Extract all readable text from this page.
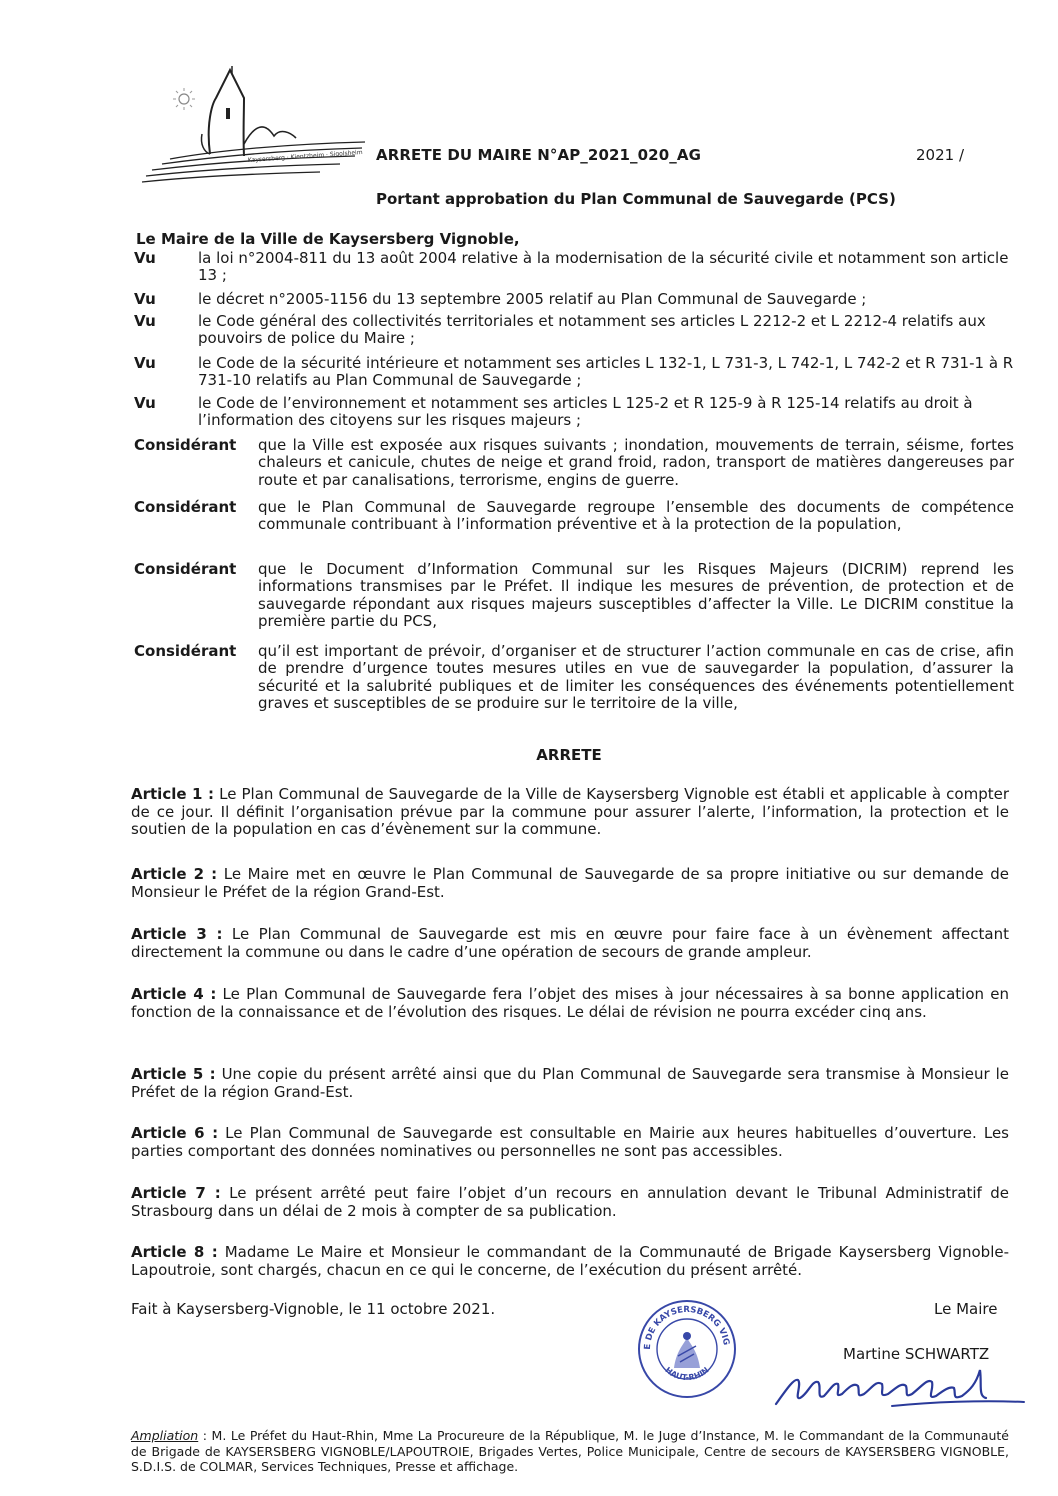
Kaysersberg · Kientzheim · Sigolsheim ARRETE DU MAIRE N°AP_2021_020_AG	2021 /
Portant approbation du Plan Communal de Sauvegarde (PCS)
Le Maire de la Ville de Kaysersberg Vignoble,
Vu	la loi n°2004-811 du 13 août 2004 relative à la modernisation de la sécurité civile et notamment son article 13 ;
Vu	le décret n°2005-1156 du 13 septembre 2005 relatif au Plan Communal de Sauvegarde ;
Vu	le Code général des collectivités territoriales et notamment ses articles L 2212-2 et L 2212-4 relatifs aux pouvoirs de police du Maire ;
Vu	le Code de la sécurité intérieure et notamment ses articles L 132-1, L 731-3, L 742-1, L 742-2 et R 731-1 à R 731-10 relatifs au Plan Communal de Sauvegarde ;
Vu	le Code de l’environnement et notamment ses articles L 125-2 et R 125-9 à R 125-14 relatifs au droit à l’information des citoyens sur les risques majeurs ;
Considérant que la Ville est exposée aux risques suivants ; inondation, mouvements de terrain, séisme, fortes chaleurs et canicule, chutes de neige et grand froid, radon, transport de matières dangereuses par route et par canalisations, terrorisme, engins de guerre.
Considérant que le Plan Communal de Sauvegarde regroupe l’ensemble des documents de compétence communale contribuant à l’information préventive et à la protection de la population,
Considérant que le Document d’Information Communal sur les Risques Majeurs (DICRIM) reprend les informations transmises par le Préfet. Il indique les mesures de prévention, de protection et de sauvegarde répondant aux risques majeurs susceptibles d’affecter la Ville. Le DICRIM constitue la première partie du PCS,
Considérant qu’il est important de prévoir, d’organiser et de structurer l’action communale en cas de crise, afin de prendre d’urgence toutes mesures utiles en vue de sauvegarder la population, d’assurer la sécurité et la salubrité publiques et de limiter les conséquences des événements potentiellement graves et susceptibles de se produire sur le territoire de la ville,
ARRETE
Article 1 : Le Plan Communal de Sauvegarde de la Ville de Kaysersberg Vignoble est établi et applicable à compter de ce jour. Il définit l’organisation prévue par la commune pour assurer l’alerte, l’information, la protection et le soutien de la population en cas d’évènement sur la commune.
Article 2 : Le Maire met en œuvre le Plan Communal de Sauvegarde de sa propre initiative ou sur demande de Monsieur le Préfet de la région Grand-Est.
Article 3 : Le Plan Communal de Sauvegarde est mis en œuvre pour faire face à un évènement affectant directement la commune ou dans le cadre d’une opération de secours de grande ampleur.
Article 4 : Le Plan Communal de Sauvegarde fera l’objet des mises à jour nécessaires à sa bonne application en fonction de la connaissance et de l’évolution des risques. Le délai de révision ne pourra excéder cinq ans.
Article 5 : Une copie du présent arrêté ainsi que du Plan Communal de Sauvegarde sera transmise à Monsieur le Préfet de la région Grand-Est.
Article 6 : Le Plan Communal de Sauvegarde est consultable en Mairie aux heures habituelles d’ouverture. Les parties comportant des données nominatives ou personnelles ne sont pas accessibles.
Article 7 : Le présent arrêté peut faire l’objet d’un recours en annulation devant le Tribunal Administratif de Strasbourg dans un délai de 2 mois à compter de sa publication.
Article 8 : Madame Le Maire et Monsieur le commandant de la Communauté de Brigade Kaysersberg Vignoble-Lapoutroie, sont chargés, chacun en ce qui le concerne, de l’exécution du présent arrêté.
Fait à Kaysersberg-Vignoble, le 11 octobre 2021.	Le Maire
E DE KAYSERSBERG VIG
HAUT-RHIN
Martine SCHWARTZ
Ampliation : M. Le Préfet du Haut-Rhin, Mme La Procureure de la République, M. le Juge d’Instance, M. le Commandant de la Communauté de Brigade de KAYSERSBERG VIGNOBLE/LAPOUTROIE, Brigades Vertes, Police Municipale, Centre de secours de KAYSERSBERG VIGNOBLE, S.D.I.S. de COLMAR, Services Techniques, Presse et affichage.
